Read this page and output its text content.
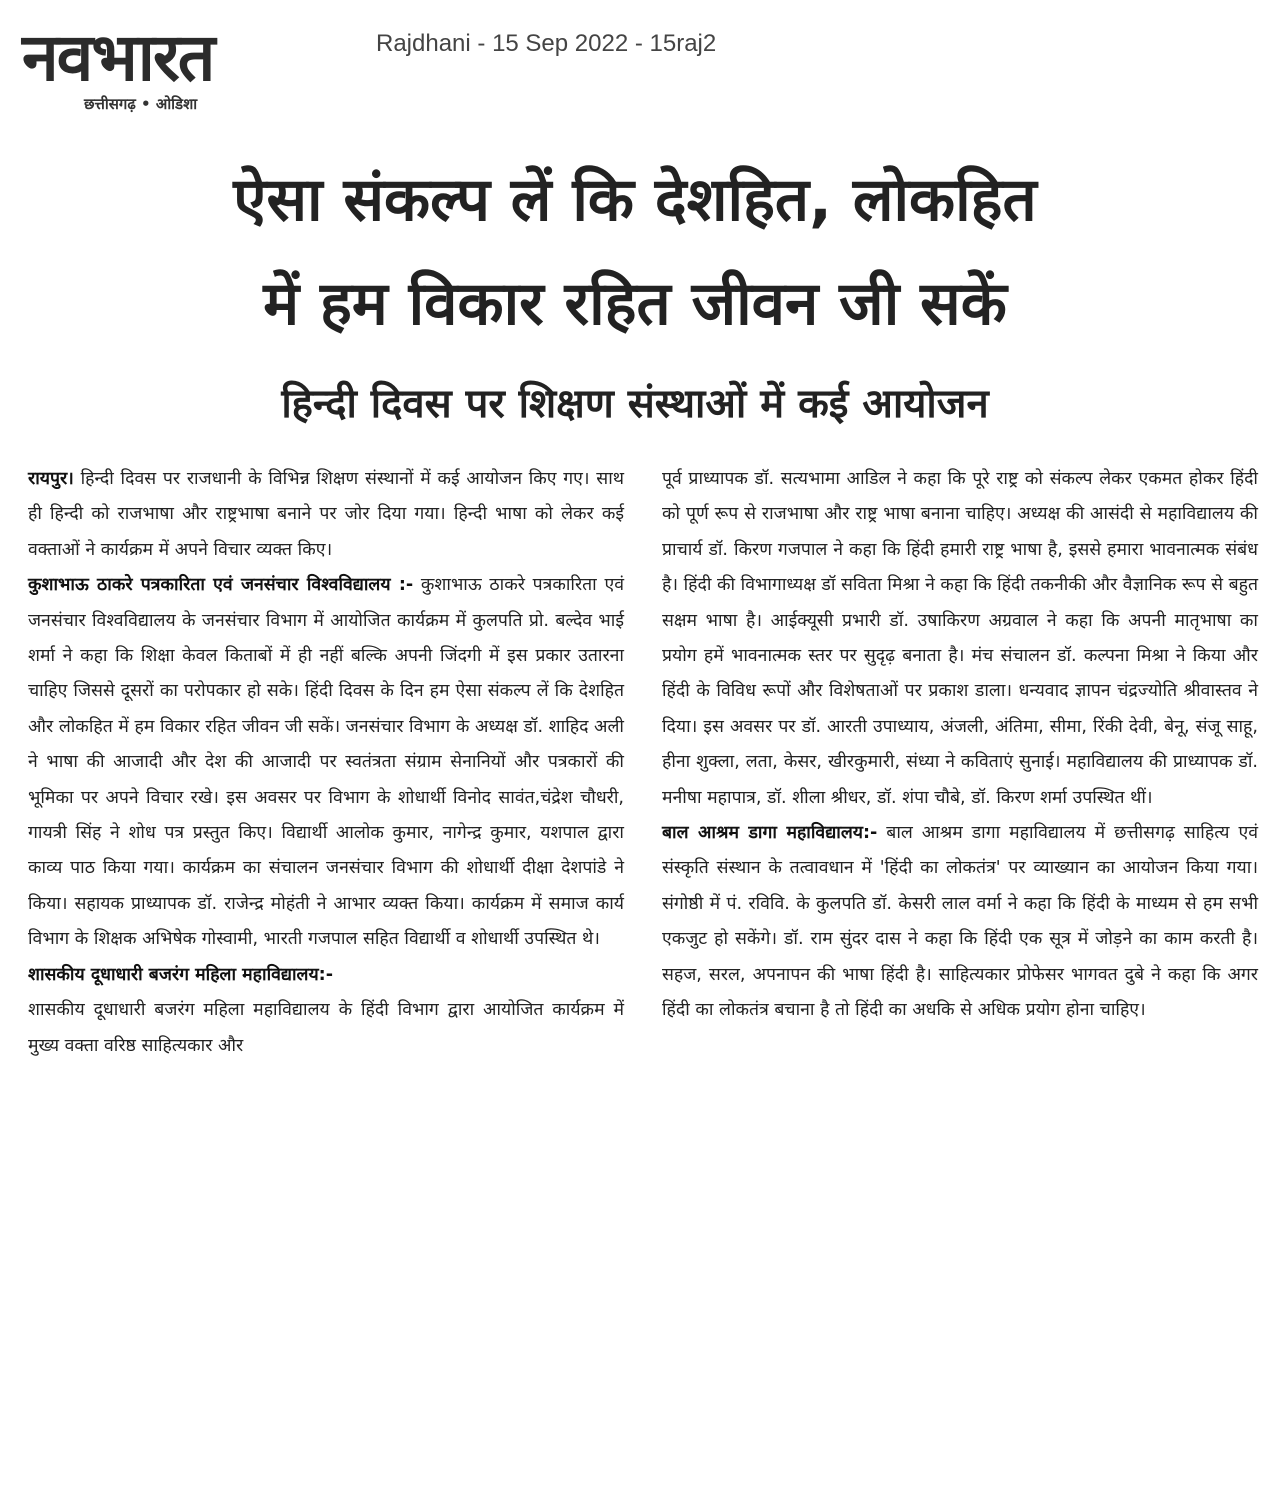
नवभारत
छत्तीसगढ़ • ओडिशा
Rajdhani - 15 Sep 2022 - 15raj2
ऐसा संकल्प लें कि देशहित, लोकहित
में हम विकार रहित जीवन जी सकें
हिन्दी दिवस पर शिक्षण संस्थाओं में कई आयोजन

रायपुर। हिन्दी दिवस पर राजधानी के विभिन्न शिक्षण संस्थानों में कई आयोजन किए गए। साथ ही हिन्दी को राजभाषा और राष्ट्रभाषा बनाने पर जोर दिया गया। हिन्दी भाषा को लेकर कई वक्ताओं ने कार्यक्रम में अपने विचार व्यक्त किए।

कुशाभाऊ ठाकरे पत्रकारिता एवं जनसंचार विश्वविद्यालय :- कुशाभाऊ ठाकरे पत्रकारिता एवं जनसंचार विश्वविद्यालय के जनसंचार विभाग में आयोजित कार्यक्रम में कुलपति प्रो. बल्देव भाई शर्मा ने कहा कि शिक्षा केवल किताबों में ही नहीं बल्कि अपनी जिंदगी में इस प्रकार उतारना चाहिए जिससे दूसरों का परोपकार हो सके। हिंदी दिवस के दिन हम ऐसा संकल्प लें कि देशहित और लोकहित में हम विकार रहित जीवन जी सकें। जनसंचार विभाग के अध्यक्ष डॉ. शाहिद अली ने भाषा की आजादी और देश की आजादी पर स्वतंत्रता संग्राम सेनानियों और पत्रकारों की भूमिका पर अपने विचार रखे। इस अवसर पर विभाग के शोधार्थी विनोद सावंत,चंद्रेश चौधरी, गायत्री सिंह ने शोध पत्र प्रस्तुत किए। विद्यार्थी आलोक कुमार, नागेन्द्र कुमार, यशपाल द्वारा काव्य पाठ किया गया। कार्यक्रम का संचालन जनसंचार विभाग की शोधार्थी दीक्षा देशपांडे ने किया। सहायक प्राध्यापक डॉ. राजेन्द्र मोहंती ने आभार व्यक्त किया। कार्यक्रम में समाज कार्य विभाग के शिक्षक अभिषेक गोस्वामी, भारती गजपाल सहित विद्यार्थी व शोधार्थी उपस्थित थे।

शासकीय दूधाधारी बजरंग महिला महाविद्यालय:-
शासकीय दूधाधारी बजरंग महिला महाविद्यालय के हिंदी विभाग द्वारा आयोजित कार्यक्रम में मुख्य वक्ता वरिष्ठ साहित्यकार और

पूर्व प्राध्यापक डॉ. सत्यभामा आडिल ने कहा कि पूरे राष्ट्र को संकल्प लेकर एकमत होकर हिंदी को पूर्ण रूप से राजभाषा और राष्ट्र भाषा बनाना चाहिए। अध्यक्ष की आसंदी से महाविद्यालय की प्राचार्य डॉ. किरण गजपाल ने कहा कि हिंदी हमारी राष्ट्र भाषा है, इससे हमारा भावनात्मक संबंध है। हिंदी की विभागाध्यक्ष डॉ सविता मिश्रा ने कहा कि हिंदी तकनीकी और वैज्ञानिक रूप से बहुत सक्षम भाषा है। आईक्यूसी प्रभारी डॉ. उषाकिरण अग्रवाल ने कहा कि अपनी मातृभाषा का प्रयोग हमें भावनात्मक स्तर पर सुदृढ़ बनाता है। मंच संचालन डॉ. कल्पना मिश्रा ने किया और हिंदी के विविध रूपों और विशेषताओं पर प्रकाश डाला। धन्यवाद ज्ञापन चंद्रज्योति श्रीवास्तव ने दिया। इस अवसर पर डॉ. आरती उपाध्याय, अंजली, अंतिमा, सीमा, रिंकी देवी, बेनू, संजू साहू, हीना शुक्ला, लता, केसर, खीरकुमारी, संध्या ने कविताएं सुनाई। महाविद्यालय की प्राध्यापक डॉ. मनीषा महापात्र, डॉ. शीला श्रीधर, डॉ. शंपा चौबे, डॉ. किरण शर्मा उपस्थित थीं।

बाल आश्रम डागा महाविद्यालय:- बाल आश्रम डागा महाविद्यालय में छत्तीसगढ़ साहित्य एवं संस्कृति संस्थान के तत्वावधान में 'हिंदी का लोकतंत्र' पर व्याख्यान का आयोजन किया गया। संगोष्ठी में पं. रविवि. के कुलपति डॉ. केसरी लाल वर्मा ने कहा कि हिंदी के माध्यम से हम सभी एकजुट हो सकेंगे। डॉ. राम सुंदर दास ने कहा कि हिंदी एक सूत्र में जोड़ने का काम करती है। सहज, सरल, अपनापन की भाषा हिंदी है। साहित्यकार प्रोफेसर भागवत दुबे ने कहा कि अगर हिंदी का लोकतंत्र बचाना है तो हिंदी का अधकि से अधिक प्रयोग होना चाहिए।
